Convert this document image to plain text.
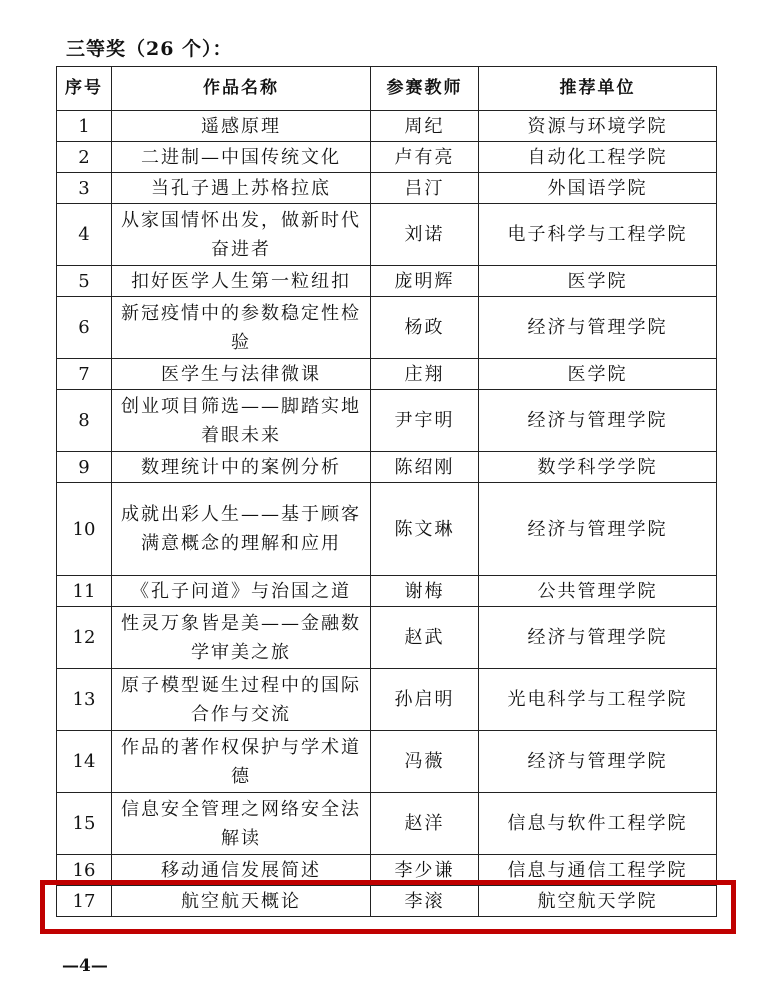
三等奖（26 个）：
序号	作品名称	参赛教师	推荐单位
1	遥感原理	周纪	资源与环境学院
2	二进制—中国传统文化	卢有亮	自动化工程学院
3	当孔子遇上苏格拉底	吕汀	外国语学院
4	从家国情怀出发，做新时代奋进者	刘诺	电子科学与工程学院
5	扣好医学人生第一粒纽扣	庞明辉	医学院
6	新冠疫情中的参数稳定性检验	杨政	经济与管理学院
7	医学生与法律微课	庄翔	医学院
8	创业项目筛选——脚踏实地着眼未来	尹宇明	经济与管理学院
9	数理统计中的案例分析	陈绍刚	数学科学学院
10	成就出彩人生——基于顾客满意概念的理解和应用	陈文琳	经济与管理学院
11	《孔子问道》与治国之道	谢梅	公共管理学院
12	性灵万象皆是美——金融数学审美之旅	赵武	经济与管理学院
13	原子模型诞生过程中的国际合作与交流	孙启明	光电科学与工程学院
14	作品的著作权保护与学术道德	冯薇	经济与管理学院
15	信息安全管理之网络安全法解读	赵洋	信息与软件工程学院
16	移动通信发展简述	李少谦	信息与通信工程学院
17	航空航天概论	李滚	航空航天学院
—4—
